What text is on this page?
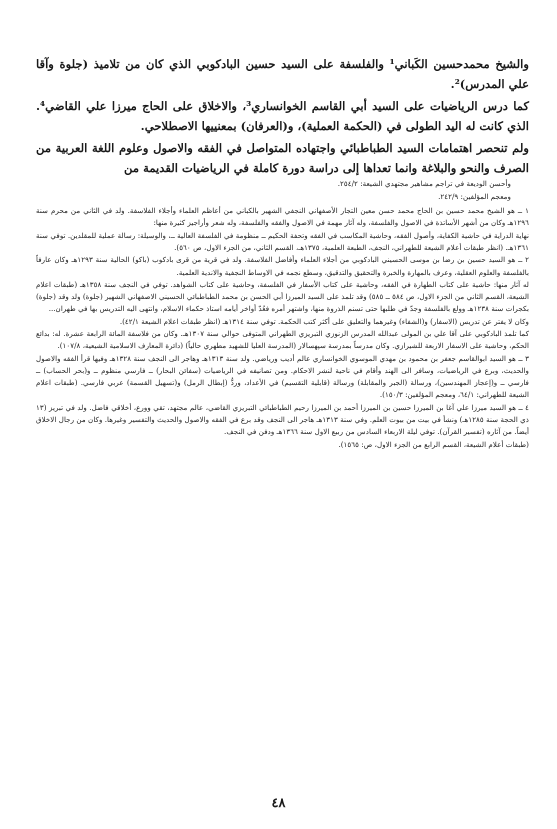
والشيخ محمدحسين الكَباني¹ والفلسفة على السيد حسين البادكوبي الذي كان من تلاميذ (جلوة وآقا علي المدرس)².

كما درس الرياضيات على السيد أبي القاسم الخوانساري³، والاخلاق على الحاج ميرزا علي القاضي⁴. الذي كانت له اليد الطولى في (الحكمة العملية)، و(العرفان) بمعنييها الاصطلاحي.

ولم تنحصر اهتمامات السيد الطباطبائي واجتهاده المتواصل في الفقه والاصول وعلوم اللغة العربية من الصرف والنحو والبلاغة وانما تعداها إلى دراسة دورة كاملة في الرياضيات القديمة من

وأحسن الوديعة في تراجم مشاهير مجتهدي الشيعة: ٢٥٤/٢.

ومعجم المؤلفين: ٢٤٢/٩.

١ ــ هو الشيخ محمد حسين بن الحاج محمد حسن معين التجار الأصفهاني النجفي الشهير بالكباني من أعاظم العلماء وأجلاء الفلاسفة. ولد في الثاني من محرم سنة ١٢٩٦هـ وكان من أشهر الأساتذة في الاصول والفلسفة، وله آثار مهمة في الاصول والفقه والفلسفة، وله شعر وأراجيز كثيرة منها:

نهاية الدراية في حاشية الكفاية، وأصول الفقه، وحاشية المكاسب في الفقه وتحفة الحكيم ــ منظومة في الفلسفة العالية ــ، والوسيلة: رسالة عملية للمقلدين. توفي سنة ١٣٦١هـ. (انظر طبقات أعلام الشيعة للطهراني، النجف، الطبعة العلمية، ١٣٧٥هـ، القسم الثاني، من الجزء الاول، ص ٥٦٠).

٢ ــ هو السيد حسين بن رضا بن موسى الحسيني البادكوبي من أجلاء العلماء وأفاضل الفلاسفة. ولد في قرية من قرى بادكوب (باكو) الحالية سنة ١٢٩٣هـ وكان عارفاً بالفلسفة والعلوم العقلية، وعرف بالمهارة والخبرة والتحقيق والتدقيق، وسطع نجمه في الاوساط النجفية والاندية العلمية.

له آثار منها: حاشية على كتاب الطهارة في الفقه، وحاشية على كتاب الأسفار في الفلسفة، وحاشية على كتاب الشواهد. توفي في النجف سنة ١٣٥٨هـ (طبقات اعلام الشيعة، القسم الثاني من الجزء الاول، ص ٥٨٤ ــ ٥٨٥) وقد تلمذ على السيد الميرزا أبي الحسن بن محمد الطباطبائي الحسيني الاصفهاني الشهير (جلوة) ولد وقد (جلوة) بكجرات سنة ١٢٣٨هـ وولع بالفلسفة وجدّ في طلبها حتى تسنم الذروة منها، واشتهر أمره فعُدّ أواخر أيامه استاذ حكماء الاسلام، وانتهى اليه التدريس بها في طهران...

وكان لا يفتر عن تدريس (الاسفار) و(الشفاء) وغيرهما والتعليق على أكثر كتب الحكمة. توفي سنة ١٣١٤هـ (انظر طبقات اعلام الشيعة ٤٢/١).

كما تلمذ البادكوبي على آقا علي بن المولى عبدالله المدرس الزنوزي التبريزي الطهراني المتوفى حوالي سنة ١٣٠٧هـ. وكان من فلاسفة المائة الرابعة عشرة. له: بدائع الحكم، وحاشية على الاسفار الاربعة للشيرازي. وكان مدرساً بمدرسة سپهسالار (المدرسة العليا للشهيد مطهري حالياً) (دائرة المعارف الاسلامية الشيعية، ١٠٧/٨).

٣ ــ هو السيد ابوالقاسم جعفر بن محمود بن مهدي الموسوي الخوانساري عالم أديب ورياضي. ولد سنة ١٣١٣هـ وهاجر الى النجف سنة ١٣٢٨هـ وفيها قرأ الفقه والاصول والحديث، وبرع في الرياضيات، وسافر الى الهند وأقام في ناحية لنشر الاحكام. ومن تصانيفه في الرياضيات (سفائن البحار) ــ فارسي منظوم ــ و(بحر الحساب) ــ فارسي ــ و(إعجاز المهندسين)، ورسالة (الجبر والمقابلة) ورسالة (قابلية التقسيم) في الأعداد، وردُّ (إبطال الرمل) و(تسهيل القسمة) عربي فارسي. (طبقات اعلام الشيعة للطهراني: ٦٤/١، ومعجم المؤلفين: ١٥٠/٣).

٤ ــ هو السيد ميرزا علي آغا بن الميرزا حسين بن الميرزا أحمد بن الميرزا رحيم الطباطبائي التبريزي القاضي، عالم مجتهد، تقي وورع، أخلاقي فاضل. ولد في تبريز (١٣ ذي الحجة سنة ١٢٨٥هـ) ونشأ في بيت من بيوت العلم. وفي سنة ١٣١٣هـ هاجر الى النجف وقد برع في الفقه والاصول والحديث والتفسير وغيرها. وكان من رجال الاخلاق أيضاً. من آثاره (تفسير القرآن). توفي ليلة الاربعاء السادس من ربيع الاول سنة ١٣٦٦هـ ودفن في النجف.

(طبقات أعلام الشيعة، القسم الرابع من الجزء الاول، ص: ١٥٦٥).

٤٨
